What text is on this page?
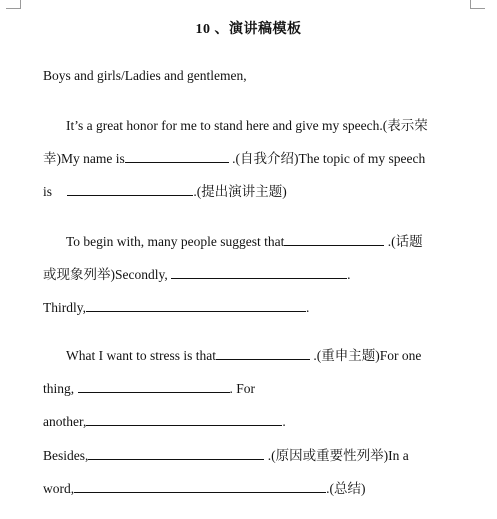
10 、演讲稿模板
Boys and girls/Ladies and gentlemen,
It’s a great honor for me to stand here and give my speech.(表示荣
幸)My name is	.(自我介绍)The topic of my speech
is	.(提出演讲主题)
To begin with, many people suggest that	.(话题
或现象列举)Secondly,	.
Thirdly,	.
What I want to stress is that	.(重申主题)For one
thing,	. For
another,	.
Besides,	.(原因或重要性列举)In a
word,	.(总结)
